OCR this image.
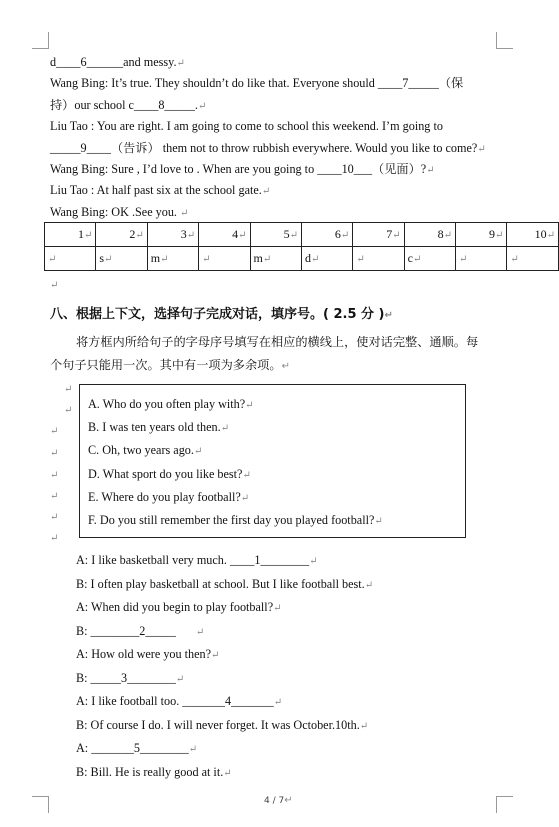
d____6______and messy.↵
Wang Bing: It’s true. They shouldn’t do like that. Everyone should ____7_____（保
持）our school c____8_____.↵
Liu Tao : You are right. I am going to come to school this weekend. I’m going to
_____9____（告诉） them not to throw rubbish everywhere. Would you like to come?↵
Wang Bing: Sure , I’d love to . When are you going to ____10___（见面）?↵
Liu Tao : At half past six at the school gate.↵
Wang Bing: OK .See you. ↵
1↵	2↵	3↵	4↵	5↵	6↵	7↵	8↵	9↵	10↵
↵	s↵	m↵	↵	m↵	d↵	↵	c↵	↵	↵
↵
八、根据上下文，选择句子完成对话，填序号。( 2.5 分 )↵
将方框内所给句子的字母序号填写在相应的横线上，使对话完整、通顺。每
个句子只能用一次。其中有一项为多余项。↵
↵
↵
↵
↵
↵
↵
↵
↵
A. Who do you often play with?↵
B. I was ten years old then.↵
C. Oh, two years ago.↵
D. What sport do you like best?↵
E. Where do you play football?↵
F. Do you still remember the first day you played football?↵
A: I like basketball very much. ____1________↵
B: I often play basketball at school. But I like football best.↵
A: When did you begin to play football?↵
B: ________2_____ ↵
A: How old were you then?↵
B: _____3________↵
A: I like football too. _______4_______↵
B: Of course I do. I will never forget. It was October.10th.↵
A: _______5________↵
B: Bill. He is really good at it.↵
4 / 7↵
